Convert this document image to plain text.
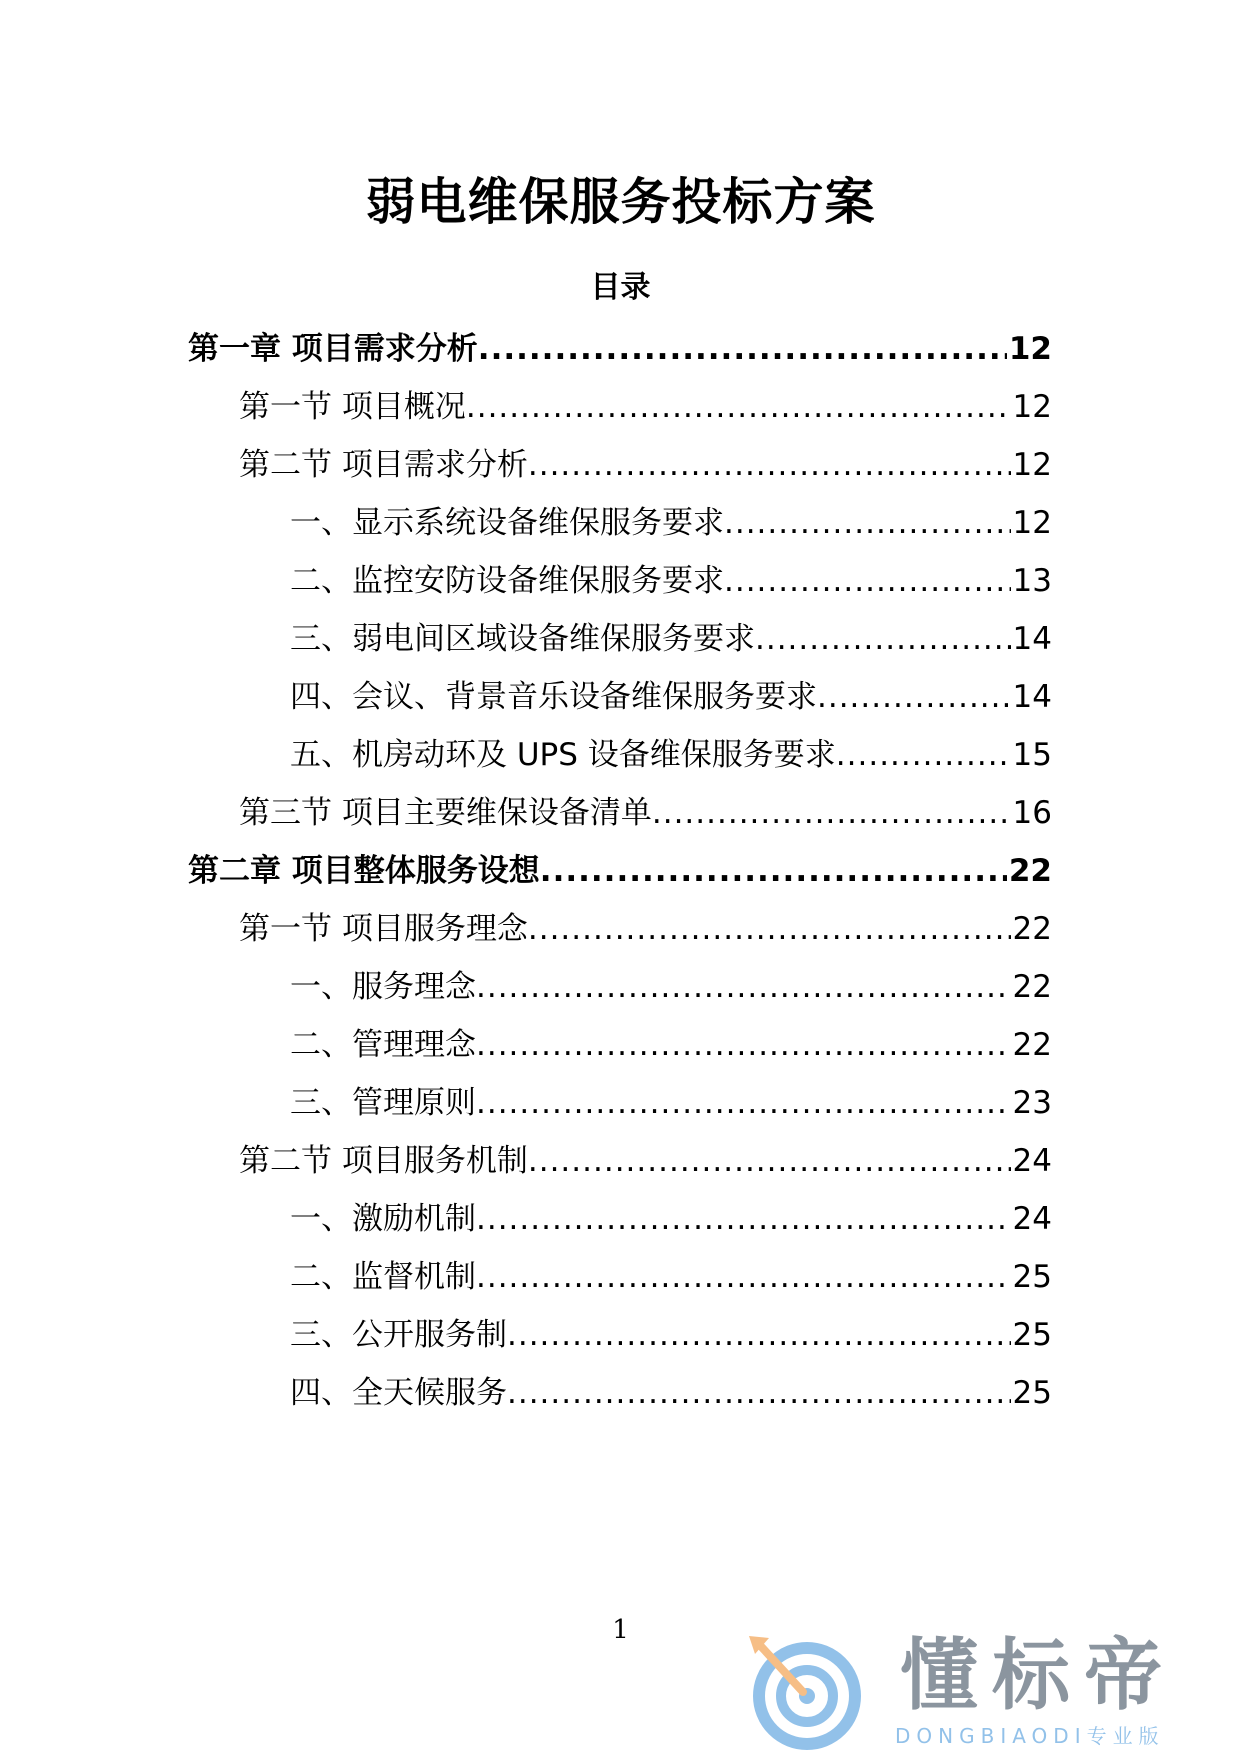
弱电维保服务投标方案
目录
第一章 项目需求分析 .....	12
第一节 项目概况 .....	12
第二节 项目需求分析 .....	12
一、显示系统设备维保服务要求 .....	12
二、监控安防设备维保服务要求 .....	13
三、弱电间区域设备维保服务要求 .....	14
四、会议、背景音乐设备维保服务要求 .....	14
五、机房动环及 UPS 设备维保服务要求 .....	15
第三节 项目主要维保设备清单 .....	16
第二章 项目整体服务设想 .....	22
第一节 项目服务理念 .....	22
一、服务理念 .....	22
二、管理理念 .....	22
三、管理原则 .....	23
第二节 项目服务机制 .....	24
一、激励机制 .....	24
二、监督机制 .....	25
三、公开服务制 .....	25
四、全天候服务 .....	25
1
懂标帝
DONGBIAODI专业版
